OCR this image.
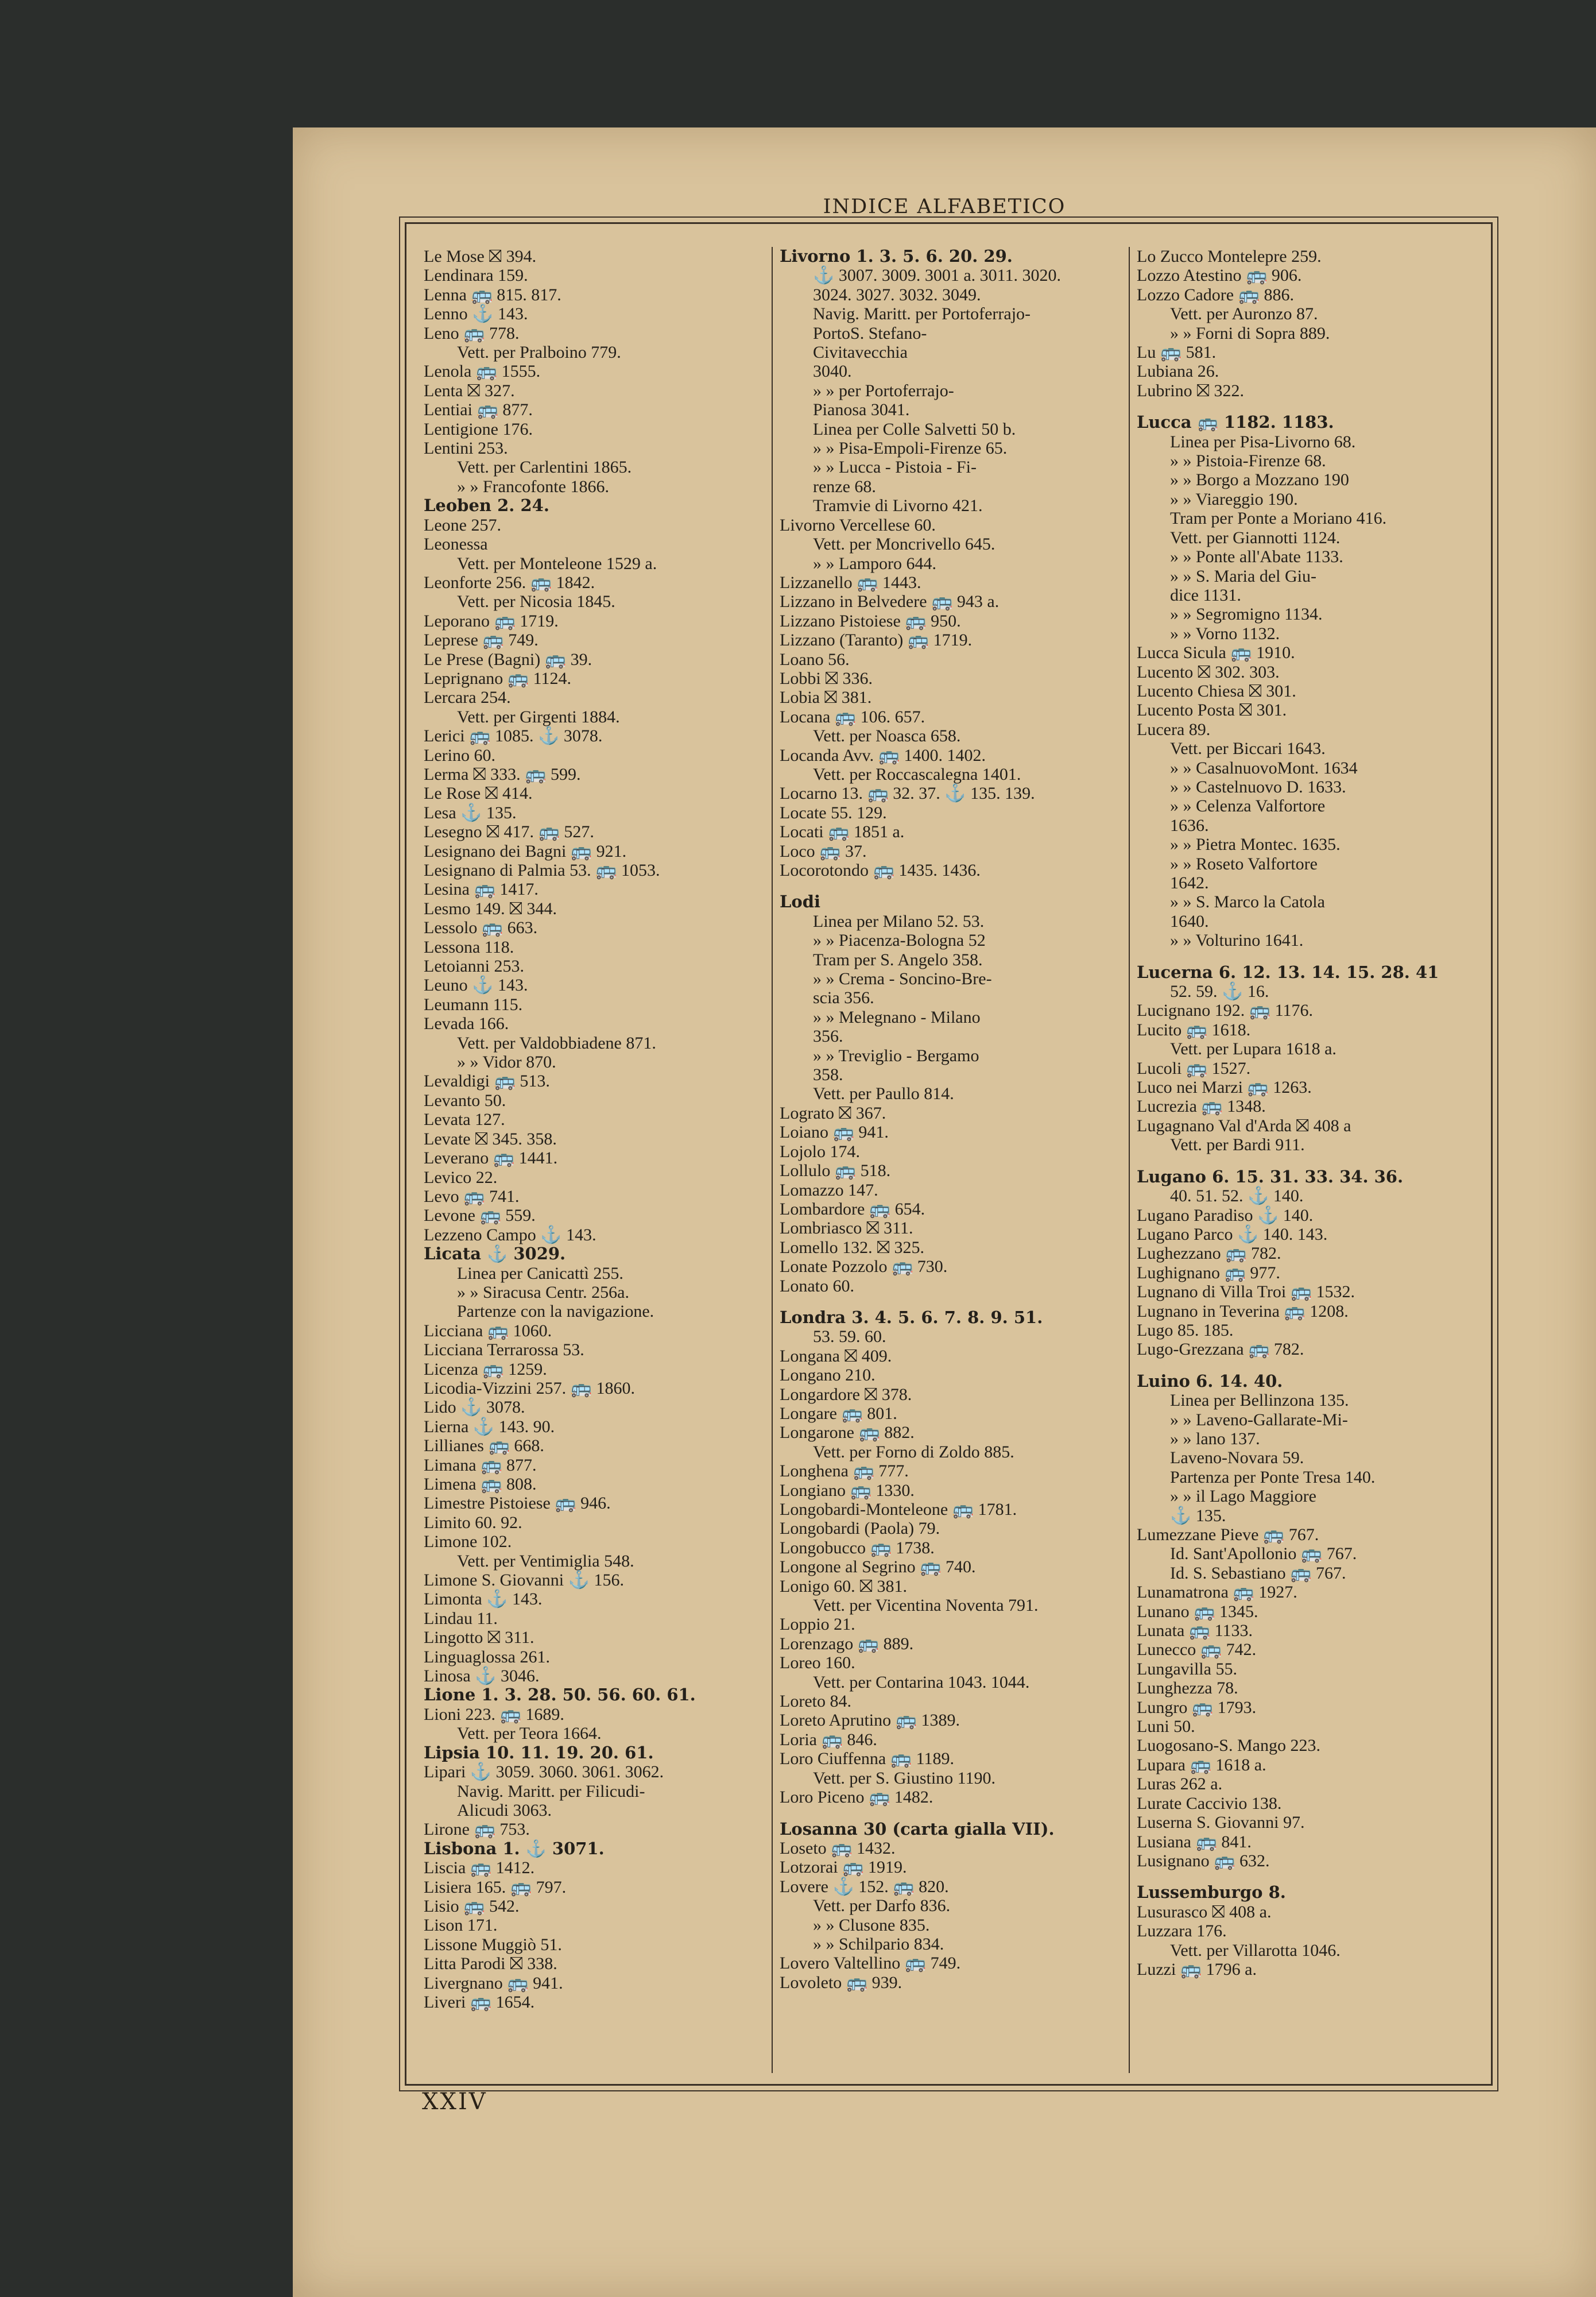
INDICE ALFABETICO
Le Mose ⛝ 394.
Lendinara 159.
Lenna 🚌 815. 817.
Lenno ⚓ 143.
Leno 🚌 778.
Vett. per Pralboino 779.
Lenola 🚌 1555.
Lenta ⛝ 327.
Lentiai 🚌 877.
Lentigione 176.
Lentini 253.
Vett. per Carlentini 1865.
» » Francofonte 1866.
Leoben 2. 24.
Leone 257.
Leonessa
Vett. per Monteleone 1529 a.
Leonforte 256. 🚌 1842.
Vett. per Nicosia 1845.
Leporano 🚌 1719.
Leprese 🚌 749.
Le Prese (Bagni) 🚌 39.
Leprignano 🚌 1124.
Lercara 254.
Vett. per Girgenti 1884.
Lerici 🚌 1085. ⚓ 3078.
Lerino 60.
Lerma ⛝ 333. 🚌 599.
Le Rose ⛝ 414.
Lesa ⚓ 135.
Lesegno ⛝ 417. 🚌 527.
Lesignano dei Bagni 🚌 921.
Lesignano di Palmia 53. 🚌 1053.
Lesina 🚌 1417.
Lesmo 149. ⛝ 344.
Lessolo 🚌 663.
Lessona 118.
Letoianni 253.
Leuno ⚓ 143.
Leumann 115.
Levada 166.
Vett. per Valdobbiadene 871.
» » Vidor 870.
Levaldigi 🚌 513.
Levanto 50.
Levata 127.
Levate ⛝ 345. 358.
Leverano 🚌 1441.
Levico 22.
Levo 🚌 741.
Levone 🚌 559.
Lezzeno Campo ⚓ 143.
Licata ⚓ 3029.
Linea per Canicattì 255.
» » Siracusa Centr. 256a.
Partenze con la navigazione.
Licciana 🚌 1060.
Licciana Terrarossa 53.
Licenza 🚌 1259.
Licodia-Vizzini 257. 🚌 1860.
Lido ⚓ 3078.
Lierna ⚓ 143. 90.
Lillianes 🚌 668.
Limana 🚌 877.
Limena 🚌 808.
Limestre Pistoiese 🚌 946.
Limito 60. 92.
Limone 102.
Vett. per Ventimiglia 548.
Limone S. Giovanni ⚓ 156.
Limonta ⚓ 143.
Lindau 11.
Lingotto ⛝ 311.
Linguaglossa 261.
Linosa ⚓ 3046.
Lione 1. 3. 28. 50. 56. 60. 61.
Lioni 223. 🚌 1689.
Vett. per Teora 1664.
Lipsia 10. 11. 19. 20. 61.
Lipari ⚓ 3059. 3060. 3061. 3062.
Navig. Maritt. per Filicudi-
Alicudi 3063.
Lirone 🚌 753.
Lisbona 1. ⚓ 3071.
Liscia 🚌 1412.
Lisiera 165. 🚌 797.
Lisio 🚌 542.
Lison 171.
Lissone Muggiò 51.
Litta Parodi ⛝ 338.
Livergnano 🚌 941.
Liveri 🚌 1654.
Livorno 1. 3. 5. 6. 20. 29.
⚓ 3007. 3009. 3001 a. 3011. 3020.
3024. 3027. 3032. 3049.
Navig. Maritt. per Portoferrajo-
PortoS. Stefano-
Civitavecchia
3040.
» » per Portoferrajo-
Pianosa 3041.
Linea per Colle Salvetti 50 b.
» » Pisa-Empoli-Firenze 65.
» » Lucca - Pistoia - Fi-
renze 68.
Tramvie di Livorno 421.
Livorno Vercellese 60.
Vett. per Moncrivello 645.
» » Lamporo 644.
Lizzanello 🚌 1443.
Lizzano in Belvedere 🚌 943 a.
Lizzano Pistoiese 🚌 950.
Lizzano (Taranto) 🚌 1719.
Loano 56.
Lobbi ⛝ 336.
Lobia ⛝ 381.
Locana 🚌 106. 657.
Vett. per Noasca 658.
Locanda Avv. 🚌 1400. 1402.
Vett. per Roccascalegna 1401.
Locarno 13. 🚌 32. 37. ⚓ 135. 139.
Locate 55. 129.
Locati 🚌 1851 a.
Loco 🚌 37.
Locorotondo 🚌 1435. 1436.
Lodi
Linea per Milano 52. 53.
» » Piacenza-Bologna 52
Tram per S. Angelo 358.
» » Crema - Soncino-Bre-
scia 356.
» » Melegnano - Milano
356.
» » Treviglio - Bergamo
358.
Vett. per Paullo 814.
Lograto ⛝ 367.
Loiano 🚌 941.
Lojolo 174.
Lollulo 🚌 518.
Lomazzo 147.
Lombardore 🚌 654.
Lombriasco ⛝ 311.
Lomello 132. ⛝ 325.
Lonate Pozzolo 🚌 730.
Lonato 60.
Londra 3. 4. 5. 6. 7. 8. 9. 51.
53. 59. 60.
Longana ⛝ 409.
Longano 210.
Longardore ⛝ 378.
Longare 🚌 801.
Longarone 🚌 882.
Vett. per Forno di Zoldo 885.
Longhena 🚌 777.
Longiano 🚌 1330.
Longobardi-Monteleone 🚌 1781.
Longobardi (Paola) 79.
Longobucco 🚌 1738.
Longone al Segrino 🚌 740.
Lonigo 60. ⛝ 381.
Vett. per Vicentina Noventa 791.
Loppio 21.
Lorenzago 🚌 889.
Loreo 160.
Vett. per Contarina 1043. 1044.
Loreto 84.
Loreto Aprutino 🚌 1389.
Loria 🚌 846.
Loro Ciuffenna 🚌 1189.
Vett. per S. Giustino 1190.
Loro Piceno 🚌 1482.
Losanna 30 (carta gialla VII).
Loseto 🚌 1432.
Lotzorai 🚌 1919.
Lovere ⚓ 152. 🚌 820.
Vett. per Darfo 836.
» » Clusone 835.
» » Schilpario 834.
Lovero Valtellino 🚌 749.
Lovoleto 🚌 939.
Lo Zucco Montelepre 259.
Lozzo Atestino 🚌 906.
Lozzo Cadore 🚌 886.
Vett. per Auronzo 87.
» » Forni di Sopra 889.
Lu 🚌 581.
Lubiana 26.
Lubrino ⛝ 322.
Lucca 🚌 1182. 1183.
Linea per Pisa-Livorno 68.
» » Pistoia-Firenze 68.
» » Borgo a Mozzano 190
» » Viareggio 190.
Tram per Ponte a Moriano 416.
Vett. per Giannotti 1124.
» » Ponte all'Abate 1133.
» » S. Maria del Giu-
dice 1131.
» » Segromigno 1134.
» » Vorno 1132.
Lucca Sicula 🚌 1910.
Lucento ⛝ 302. 303.
Lucento Chiesa ⛝ 301.
Lucento Posta ⛝ 301.
Lucera 89.
Vett. per Biccari 1643.
» » CasalnuovoMont. 1634
» » Castelnuovo D. 1633.
» » Celenza Valfortore
1636.
» » Pietra Montec. 1635.
» » Roseto Valfortore
1642.
» » S. Marco la Catola
1640.
» » Volturino 1641.
Lucerna 6. 12. 13. 14. 15. 28. 41
52. 59. ⚓ 16.
Lucignano 192. 🚌 1176.
Lucito 🚌 1618.
Vett. per Lupara 1618 a.
Lucoli 🚌 1527.
Luco nei Marzi 🚌 1263.
Lucrezia 🚌 1348.
Lugagnano Val d'Arda ⛝ 408 a
Vett. per Bardi 911.
Lugano 6. 15. 31. 33. 34. 36.
40. 51. 52. ⚓ 140.
Lugano Paradiso ⚓ 140.
Lugano Parco ⚓ 140. 143.
Lughezzano 🚌 782.
Lughignano 🚌 977.
Lugnano di Villa Troi 🚌 1532.
Lugnano in Teverina 🚌 1208.
Lugo 85. 185.
Lugo-Grezzana 🚌 782.
Luino 6. 14. 40.
Linea per Bellinzona 135.
» » Laveno-Gallarate-Mi-
» » lano 137.
Laveno-Novara 59.
Partenza per Ponte Tresa 140.
» » il Lago Maggiore
⚓ 135.
Lumezzane Pieve 🚌 767.
Id. Sant'Apollonio 🚌 767.
Id. S. Sebastiano 🚌 767.
Lunamatrona 🚌 1927.
Lunano 🚌 1345.
Lunata 🚌 1133.
Lunecco 🚌 742.
Lungavilla 55.
Lunghezza 78.
Lungro 🚌 1793.
Luni 50.
Luogosano-S. Mango 223.
Lupara 🚌 1618 a.
Luras 262 a.
Lurate Caccivio 138.
Luserna S. Giovanni 97.
Lusiana 🚌 841.
Lusignano 🚌 632.
Lussemburgo 8.
Lusurasco ⛝ 408 a.
Luzzara 176.
Vett. per Villarotta 1046.
Luzzi 🚌 1796 a.
XXIV
